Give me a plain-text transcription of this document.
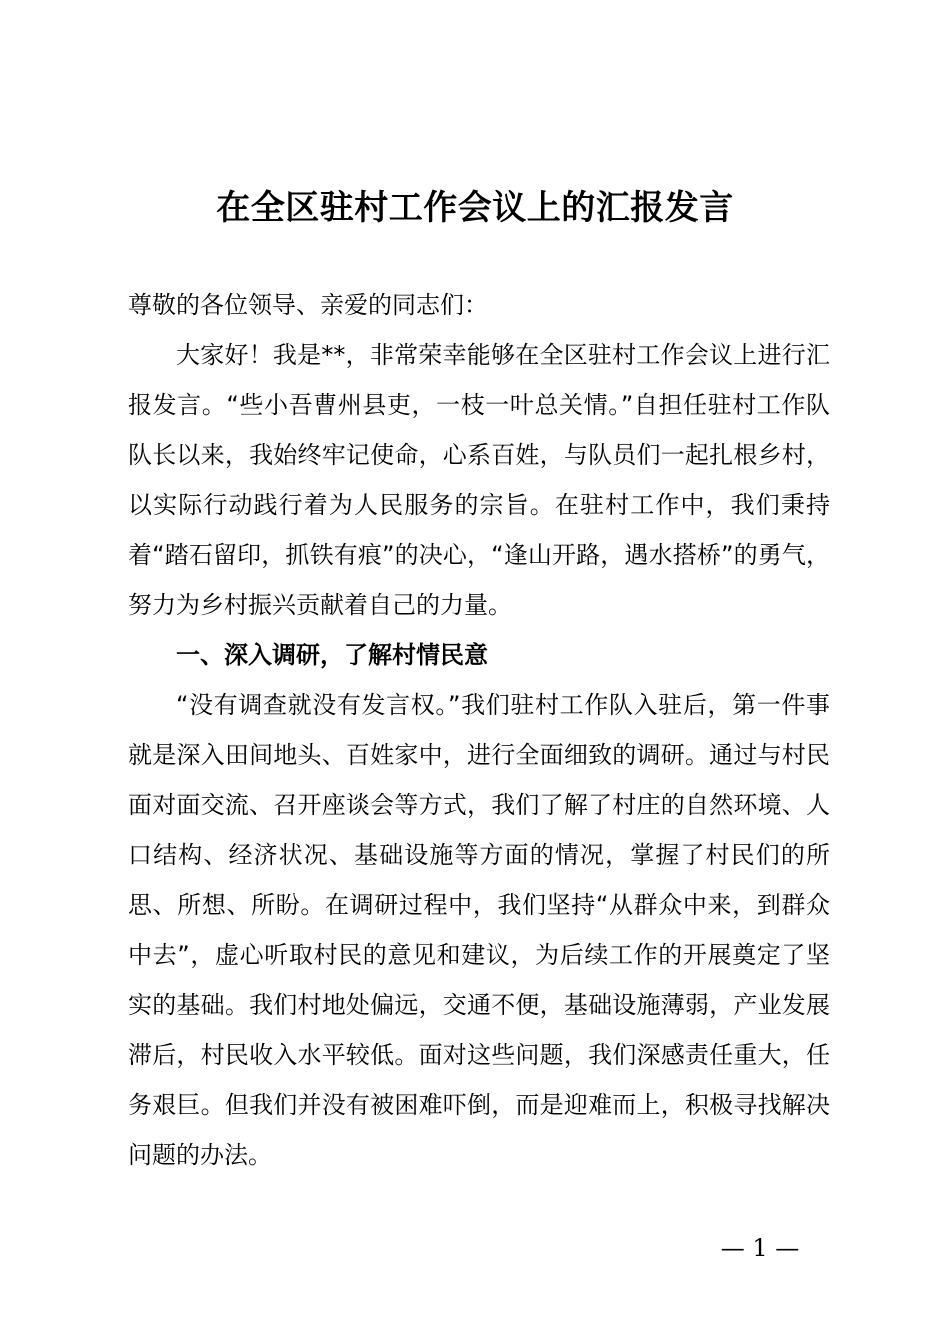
在全区驻村工作会议上的汇报发言

尊敬的各位领导、亲爱的同志们：

大家好！我是**，非常荣幸能够在全区驻村工作会议上进行汇报发言。“些小吾曹州县吏，一枝一叶总关情。”自担任驻村工作队队长以来，我始终牢记使命，心系百姓，与队员们一起扎根乡村，以实际行动践行着为人民服务的宗旨。在驻村工作中，我们秉持着“踏石留印，抓铁有痕”的决心，“逢山开路，遇水搭桥”的勇气，努力为乡村振兴贡献着自己的力量。

一、深入调研，了解村情民意

“没有调查就没有发言权。”我们驻村工作队入驻后，第一件事就是深入田间地头、百姓家中，进行全面细致的调研。通过与村民面对面交流、召开座谈会等方式，我们了解了村庄的自然环境、人口结构、经济状况、基础设施等方面的情况，掌握了村民们的所思、所想、所盼。在调研过程中，我们坚持“从群众中来，到群众中去”，虚心听取村民的意见和建议，为后续工作的开展奠定了坚实的基础。我们村地处偏远，交通不便，基础设施薄弱，产业发展滞后，村民收入水平较低。面对这些问题，我们深感责任重大，任务艰巨。但我们并没有被困难吓倒，而是迎难而上，积极寻找解决问题的办法。

— 1 —
